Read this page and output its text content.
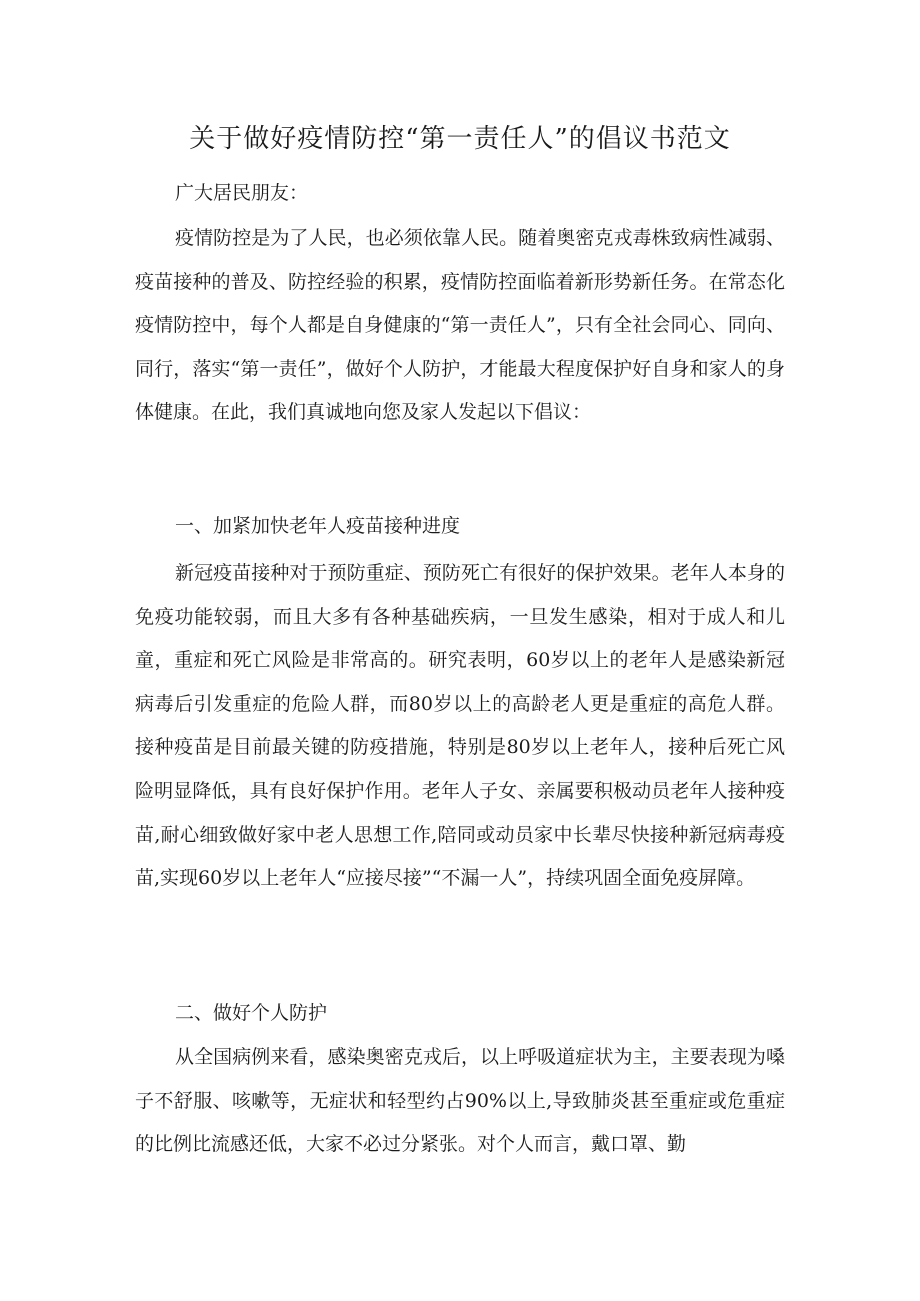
关于做好疫情防控“第一责任人”的倡议书范文
广大居民朋友：
疫情防控是为了人民，也必须依靠人民。随着奥密克戎毒株致病性减弱、疫苗接种的普及、防控经验的积累，疫情防控面临着新形势新任务。在常态化疫情防控中，每个人都是自身健康的“第一责任人”，只有全社会同心、同向、同行，落实“第一责任”，做好个人防护，才能最大程度保护好自身和家人的身体健康。在此，我们真诚地向您及家人发起以下倡议：
一、加紧加快老年人疫苗接种进度
新冠疫苗接种对于预防重症、预防死亡有很好的保护效果。老年人本身的免疫功能较弱，而且大多有各种基础疾病，一旦发生感染，相对于成人和儿童，重症和死亡风险是非常高的。研究表明，60岁以上的老年人是感染新冠病毒后引发重症的危险人群，而80岁以上的高龄老人更是重症的高危人群。接种疫苗是目前最关键的防疫措施，特别是80岁以上老年人，接种后死亡风险明显降低，具有良好保护作用。老年人子女、亲属要积极动员老年人接种疫苗,耐心细致做好家中老人思想工作,陪同或动员家中长辈尽快接种新冠病毒疫苗,实现60岁以上老年人“应接尽接”“不漏一人”，持续巩固全面免疫屏障。
二、做好个人防护
从全国病例来看，感染奥密克戎后，以上呼吸道症状为主，主要表现为嗓子不舒服、咳嗽等，无症状和轻型约占90%以上,导致肺炎甚至重症或危重症的比例比流感还低，大家不必过分紧张。对个人而言，戴口罩、勤
